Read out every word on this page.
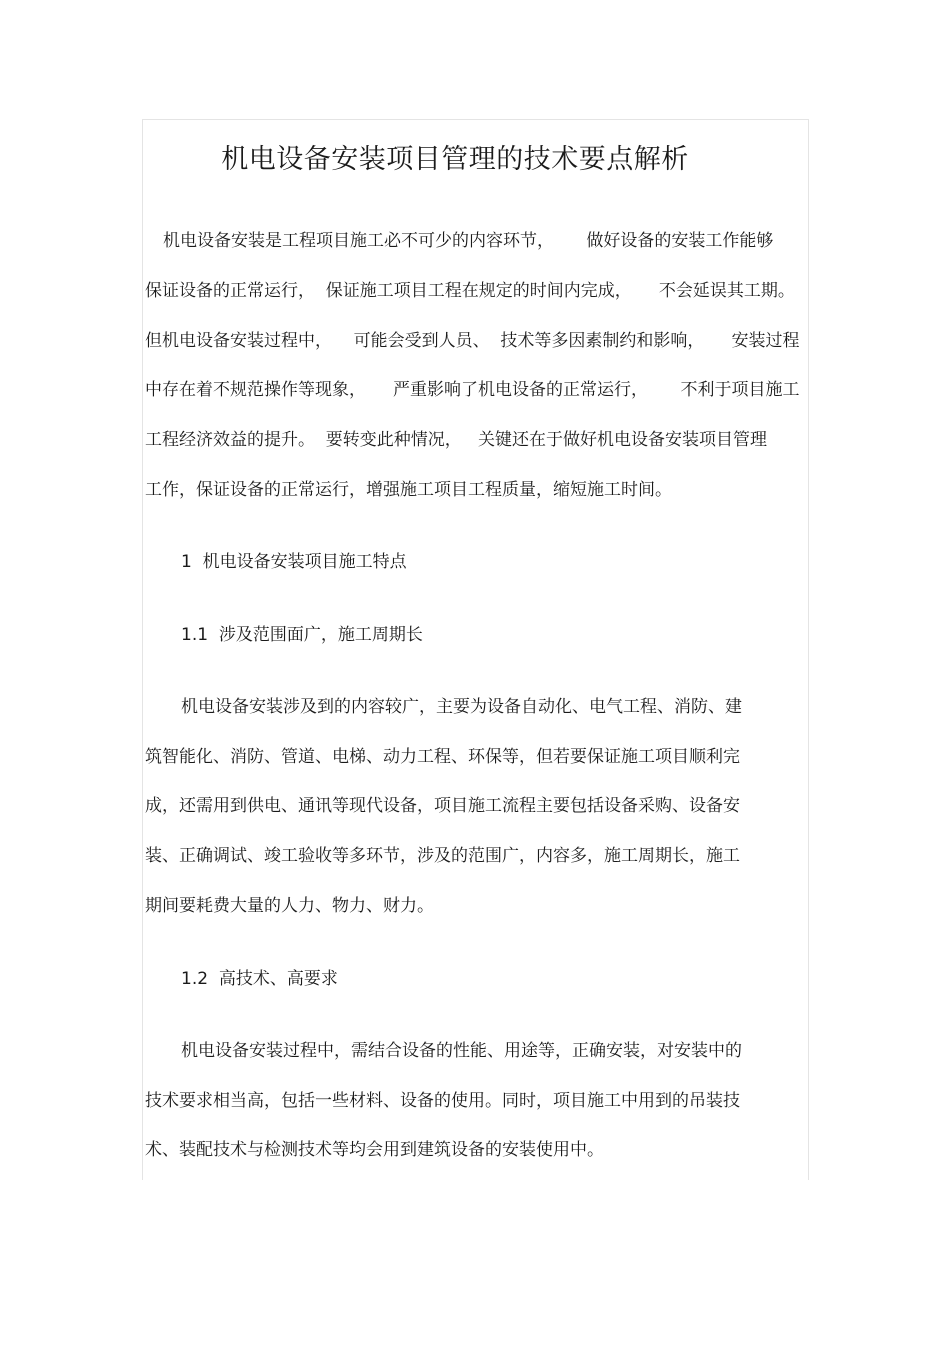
机电设备安装项目管理的技术要点解析
机电设备安装是工程项目施工必不可少的内容环节，      做好设备的安装工作能够
保证设备的正常运行，  保证施工项目工程在规定的时间内完成，     不会延误其工期。
但机电设备安装过程中，    可能会受到人员、  技术等多因素制约和影响，     安装过程
中存在着不规范操作等现象，     严重影响了机电设备的正常运行，      不利于项目施工
工程经济效益的提升。  要转变此种情况，   关键还在于做好机电设备安装项目管理
工作，保证设备的正常运行，增强施工项目工程质量，缩短施工时间。
1  机电设备安装项目施工特点
1.1  涉及范围面广，施工周期长
机电设备安装涉及到的内容较广，主要为设备自动化、电气工程、消防、建
筑智能化、消防、管道、电梯、动力工程、环保等，但若要保证施工项目顺利完
成，还需用到供电、通讯等现代设备，项目施工流程主要包括设备采购、设备安
装、正确调试、竣工验收等多环节，涉及的范围广，内容多，施工周期长，施工
期间要耗费大量的人力、物力、财力。
1.2  高技术、高要求
机电设备安装过程中，需结合设备的性能、用途等，正确安装，对安装中的
技术要求相当高，包括一些材料、设备的使用。同时，项目施工中用到的吊装技
术、装配技术与检测技术等均会用到建筑设备的安装使用中。
